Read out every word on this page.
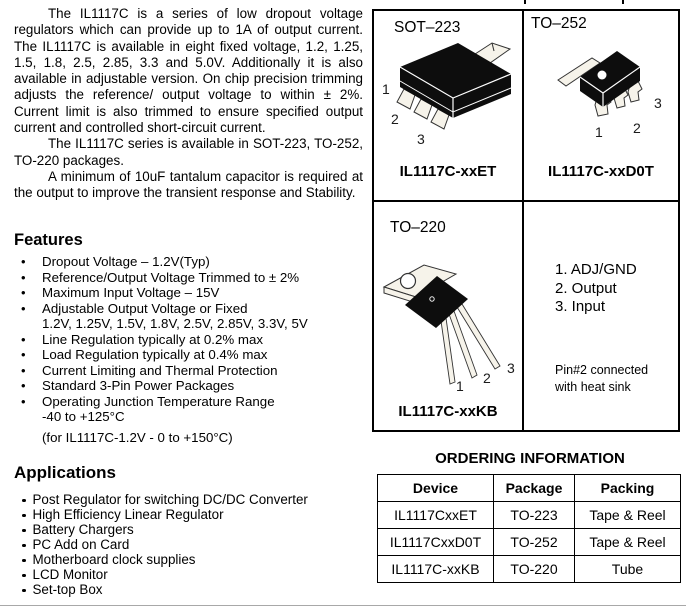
The IL1117C is a series of low dropout voltage regulators which can provide up to 1A of output current. The IL1117C is available in eight fixed voltage, 1.2, 1.25, 1.5, 1.8, 2.5, 2.85, 3.3 and 5.0V. Additionally it is also available in adjustable version. On chip precision trimming adjusts the reference/ output voltage to within ± 2%. Current limit is also trimmed to ensure specified output current and controlled short-circuit current.

The IL1117C series is available in SOT-223, TO-252, TO-220 packages.

A minimum of 10uF tantalum capacitor is required at the output to improve the transient response and Stability.

Features
• Dropout Voltage – 1.2V(Typ)
• Reference/Output Voltage Trimmed to ± 2%
• Maximum Input Voltage – 15V
• Adjustable Output Voltage or Fixed
1.2V, 1.25V, 1.5V, 1.8V, 2.5V, 2.85V, 3.3V, 5V
• Line Regulation typically at 0.2% max
• Load Regulation typically at 0.4% max
• Current Limiting and Thermal Protection
• Standard 3-Pin Power Packages
• Operating Junction Temperature Range
-40 to +125°C
(for IL1117C-1.2V - 0 to +150°C)
Applications
Post Regulator for switching DC/DC Converter
High Efficiency Linear Regulator
Battery Chargers
PC Add on Card
Motherboard clock supplies
LCD Monitor
Set-top Box
SOT–223
1
2
3
IL1117C-xxET
TO–252
1 2
3
IL1117C-xxD0T
TO–220
1 2
3
IL1117C-xxKB
1. ADJ/GND
2. Output
3. Input
Pin#2 connected
with heat sink
ORDERING INFORMATION
Device	Package	Packing
IL1117CxxET	TO-223	Tape & Reel
IL1117CxxD0T	TO-252	Tape & Reel
IL1117C-xxKB	TO-220	Tube
